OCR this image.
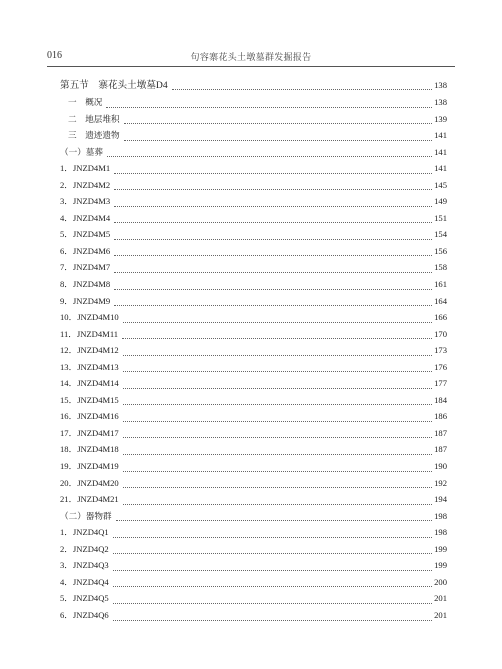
016	句容寨花头土墩墓群发掘报告
第五节　寨花头土墩墓D4	138
一　概况	138
二　地层堆积	139
三　遗迹遗物	141
（一）墓葬	141
1．JNZD4M1	141
2．JNZD4M2	145
3．JNZD4M3	149
4．JNZD4M4	151
5．JNZD4M5	154
6．JNZD4M6	156
7．JNZD4M7	158
8．JNZD4M8	161
9．JNZD4M9	164
10．JNZD4M10	166
11．JNZD4M11	170
12．JNZD4M12	173
13．JNZD4M13	176
14．JNZD4M14	177
15．JNZD4M15	184
16．JNZD4M16	186
17．JNZD4M17	187
18．JNZD4M18	187
19．JNZD4M19	190
20．JNZD4M20	192
21．JNZD4M21	194
（二）器物群	198
1．JNZD4Q1	198
2．JNZD4Q2	199
3．JNZD4Q3	199
4．JNZD4Q4	200
5．JNZD4Q5	201
6．JNZD4Q6	201
